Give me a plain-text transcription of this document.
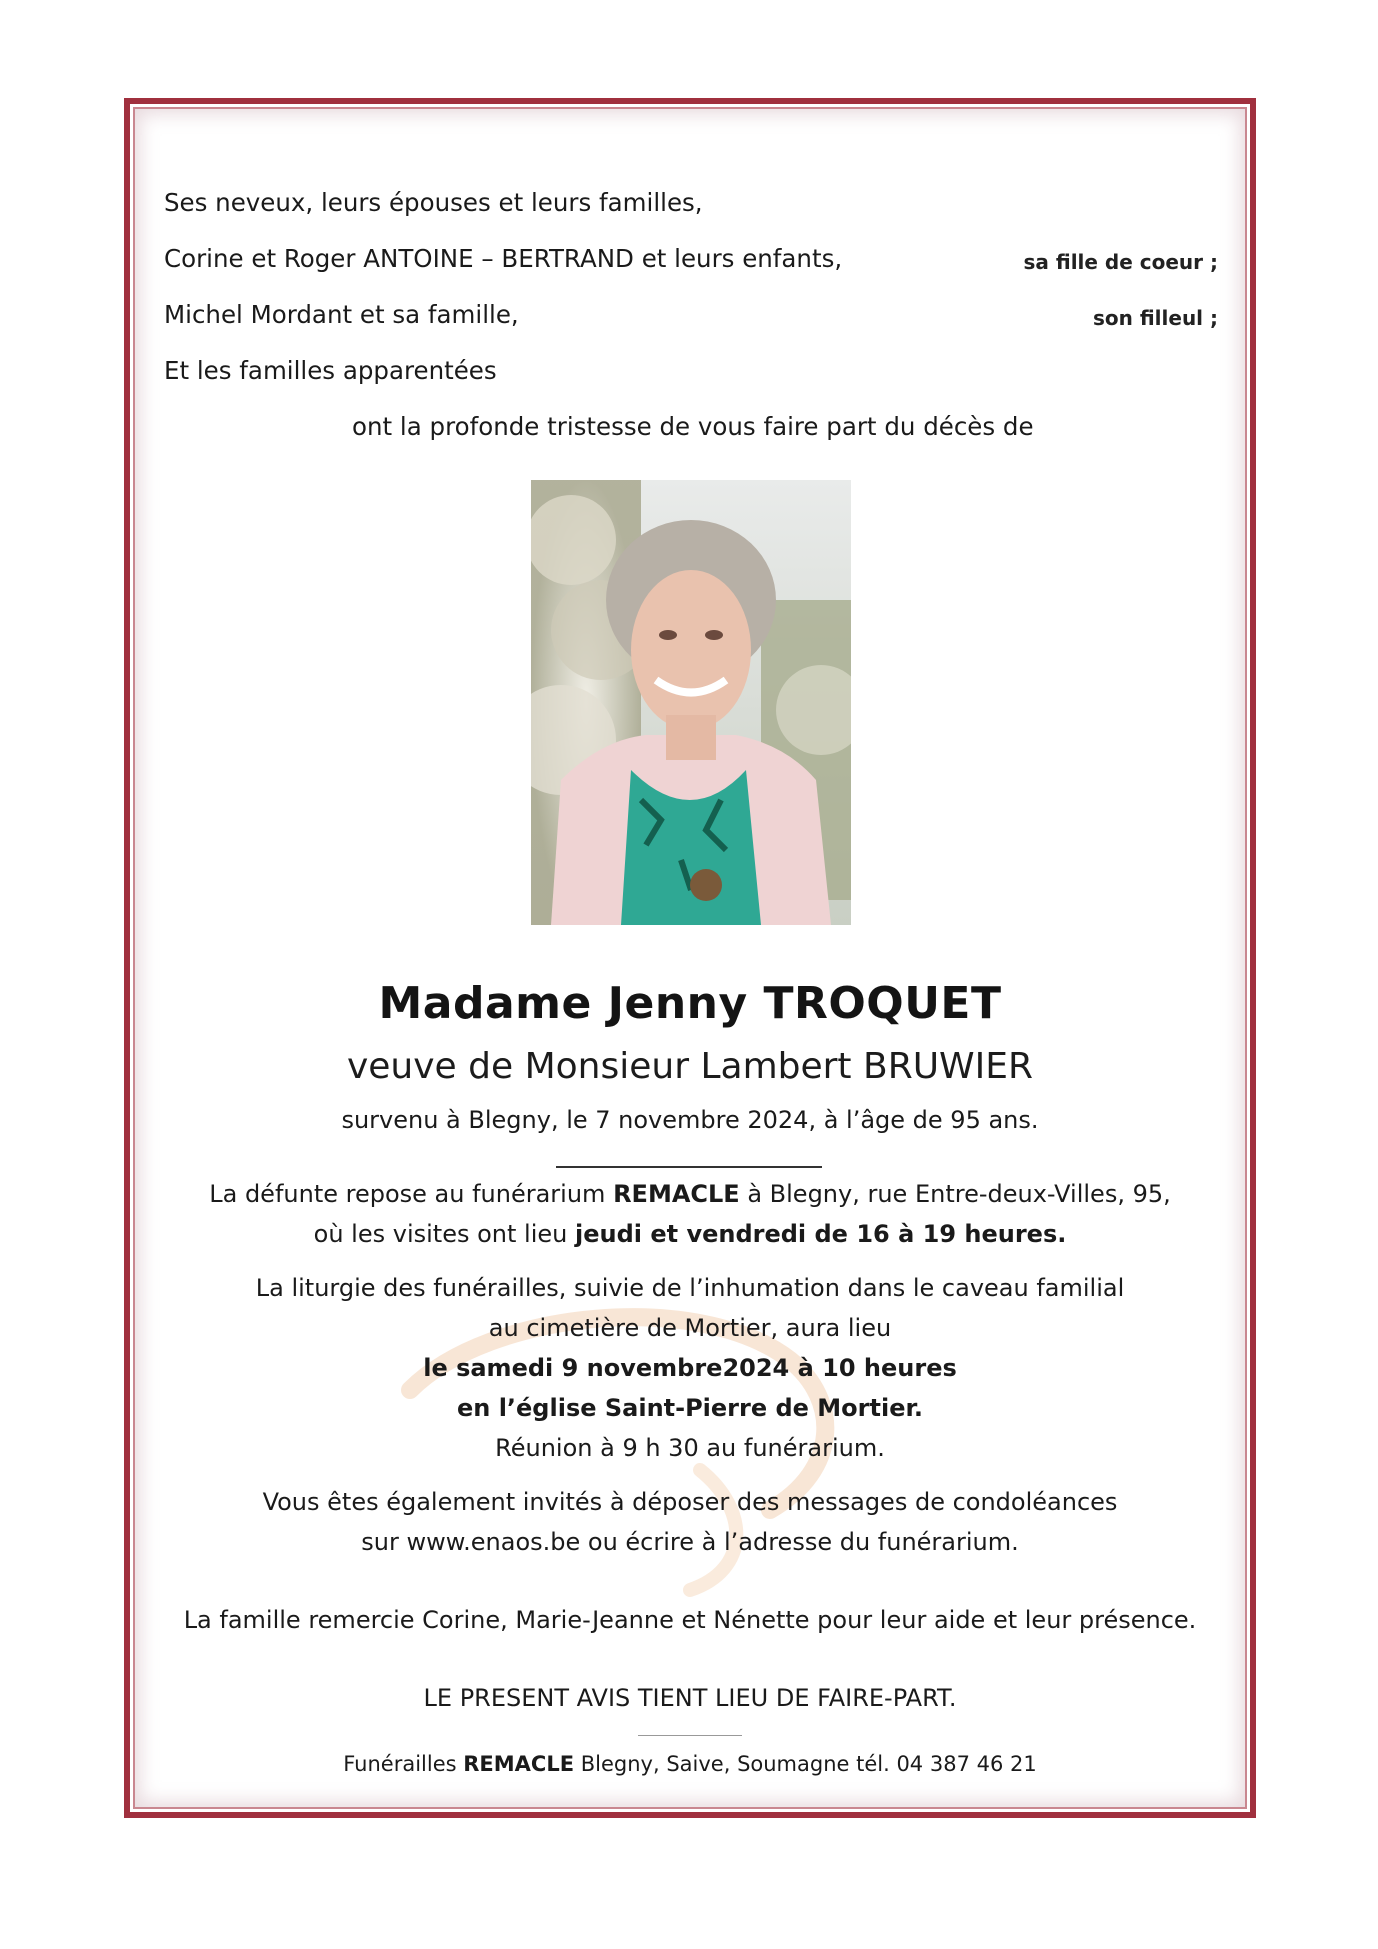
Ses neveux, leurs épouses et leurs familles,
Corine et Roger ANTOINE – BERTRAND et leurs enfants,	sa fille de coeur ;
Michel Mordant et sa famille,	son filleul ;
Et les familles apparentées
ont la profonde tristesse de vous faire part du décès de
Madame Jenny TROQUET
veuve de Monsieur Lambert BRUWIER
survenu à Blegny, le 7 novembre 2024, à l’âge de 95 ans.
La défunte repose au funérarium REMACLE à Blegny, rue Entre-deux-Villes, 95,
où les visites ont lieu jeudi et vendredi de 16 à 19 heures.
La liturgie des funérailles, suivie de l’inhumation dans le caveau familial
au cimetière de Mortier, aura lieu
le samedi 9 novembre2024 à 10 heures
en l’église Saint-Pierre de Mortier.
Réunion à 9 h 30 au funérarium.
Vous êtes également invités à déposer des messages de condoléances
sur www.enaos.be ou écrire à l’adresse du funérarium.
La famille remercie Corine, Marie-Jeanne et Nénette pour leur aide et leur présence.
LE PRESENT AVIS TIENT LIEU DE FAIRE-PART.
Funérailles REMACLE Blegny, Saive, Soumagne tél. 04 387 46 21
